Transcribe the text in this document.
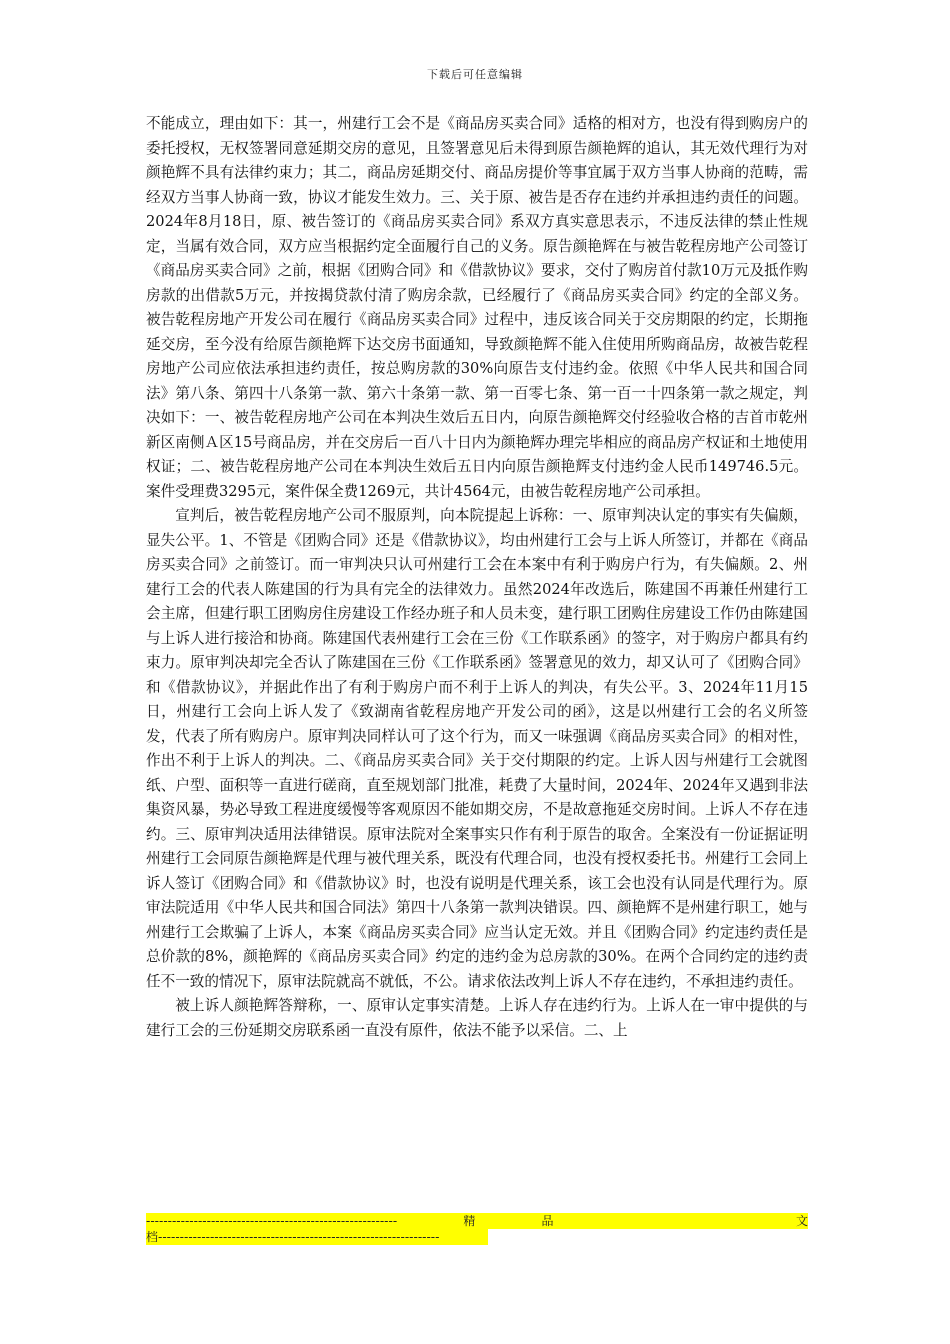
下载后可任意编辑

不能成立，理由如下：其一，州建行工会不是《商品房买卖合同》适格的相对方，也没有得到购房户的委托授权，无权签署同意延期交房的意见，且签署意见后未得到原告颜艳辉的追认，其无效代理行为对颜艳辉不具有法律约束力；其二，商品房延期交付、商品房提价等事宜属于双方当事人协商的范畴，需经双方当事人协商一致，协议才能发生效力。三、关于原、被告是否存在违约并承担违约责任的问题。2024年8月18日，原、被告签订的《商品房买卖合同》系双方真实意思表示，不违反法律的禁止性规定，当属有效合同，双方应当根据约定全面履行自己的义务。原告颜艳辉在与被告乾程房地产公司签订《商品房买卖合同》之前，根据《团购合同》和《借款协议》要求，交付了购房首付款10万元及抵作购房款的出借款5万元，并按揭贷款付清了购房余款，已经履行了《商品房买卖合同》约定的全部义务。被告乾程房地产开发公司在履行《商品房买卖合同》过程中，违反该合同关于交房期限的约定，长期拖延交房，至今没有给原告颜艳辉下达交房书面通知，导致颜艳辉不能入住使用所购商品房，故被告乾程房地产公司应依法承担违约责任，按总购房款的30%向原告支付违约金。依照《中华人民共和国合同法》第八条、第四十八条第一款、第六十条第一款、第一百零七条、第一百一十四条第一款之规定，判决如下：一、被告乾程房地产公司在本判决生效后五日内，向原告颜艳辉交付经验收合格的吉首市乾州新区南侧Ａ区15号商品房，并在交房后一百八十日内为颜艳辉办理完毕相应的商品房产权证和土地使用权证；二、被告乾程房地产公司在本判决生效后五日内向原告颜艳辉支付违约金人民币149746.5元。案件受理费3295元，案件保全费1269元，共计4564元，由被告乾程房地产公司承担。

宣判后，被告乾程房地产公司不服原判，向本院提起上诉称：一、原审判决认定的事实有失偏颇，显失公平。1、不管是《团购合同》还是《借款协议》，均由州建行工会与上诉人所签订，并都在《商品房买卖合同》之前签订。而一审判决只认可州建行工会在本案中有利于购房户行为，有失偏颇。2、州建行工会的代表人陈建国的行为具有完全的法律效力。虽然2024年改选后，陈建国不再兼任州建行工会主席，但建行职工团购房住房建设工作经办班子和人员未变，建行职工团购住房建设工作仍由陈建国与上诉人进行接洽和协商。陈建国代表州建行工会在三份《工作联系函》的签字，对于购房户都具有约束力。原审判决却完全否认了陈建国在三份《工作联系函》签署意见的效力，却又认可了《团购合同》和《借款协议》，并据此作出了有利于购房户而不利于上诉人的判决，有失公平。3、2024年11月15日，州建行工会向上诉人发了《致湖南省乾程房地产开发公司的函》，这是以州建行工会的名义所签发，代表了所有购房户。原审判决同样认可了这个行为，而又一味强调《商品房买卖合同》的相对性，作出不利于上诉人的判决。二、《商品房买卖合同》关于交付期限的约定。上诉人因与州建行工会就图纸、户型、面积等一直进行磋商，直至规划部门批准，耗费了大量时间，2024年、2024年又遇到非法集资风暴，势必导致工程进度缓慢等客观原因不能如期交房，不是故意拖延交房时间。上诉人不存在违约。三、原审判决适用法律错误。原审法院对全案事实只作有利于原告的取舍。全案没有一份证据证明州建行工会同原告颜艳辉是代理与被代理关系，既没有代理合同，也没有授权委托书。州建行工会同上诉人签订《团购合同》和《借款协议》时，也没有说明是代理关系，该工会也没有认同是代理行为。原审法院适用《中华人民共和国合同法》第四十八条第一款判决错误。四、颜艳辉不是州建行职工，她与州建行工会欺骗了上诉人，本案《商品房买卖合同》应当认定无效。并且《团购合同》约定违约责任是总价款的8%，颜艳辉的《商品房买卖合同》约定的违约金为总房款的30%。在两个合同约定的违约责任不一致的情况下，原审法院就高不就低，不公。请求依法改判上诉人不存在违约，不承担违约责任。

被上诉人颜艳辉答辩称，一、原审认定事实清楚。上诉人存在违约行为。上诉人在一审中提供的与建行工会的三份延期交房联系函一直没有原件，依法不能予以采信。二、上

----------------------------------------------------------	精	品	文
档-----------------------------------------------------------------
